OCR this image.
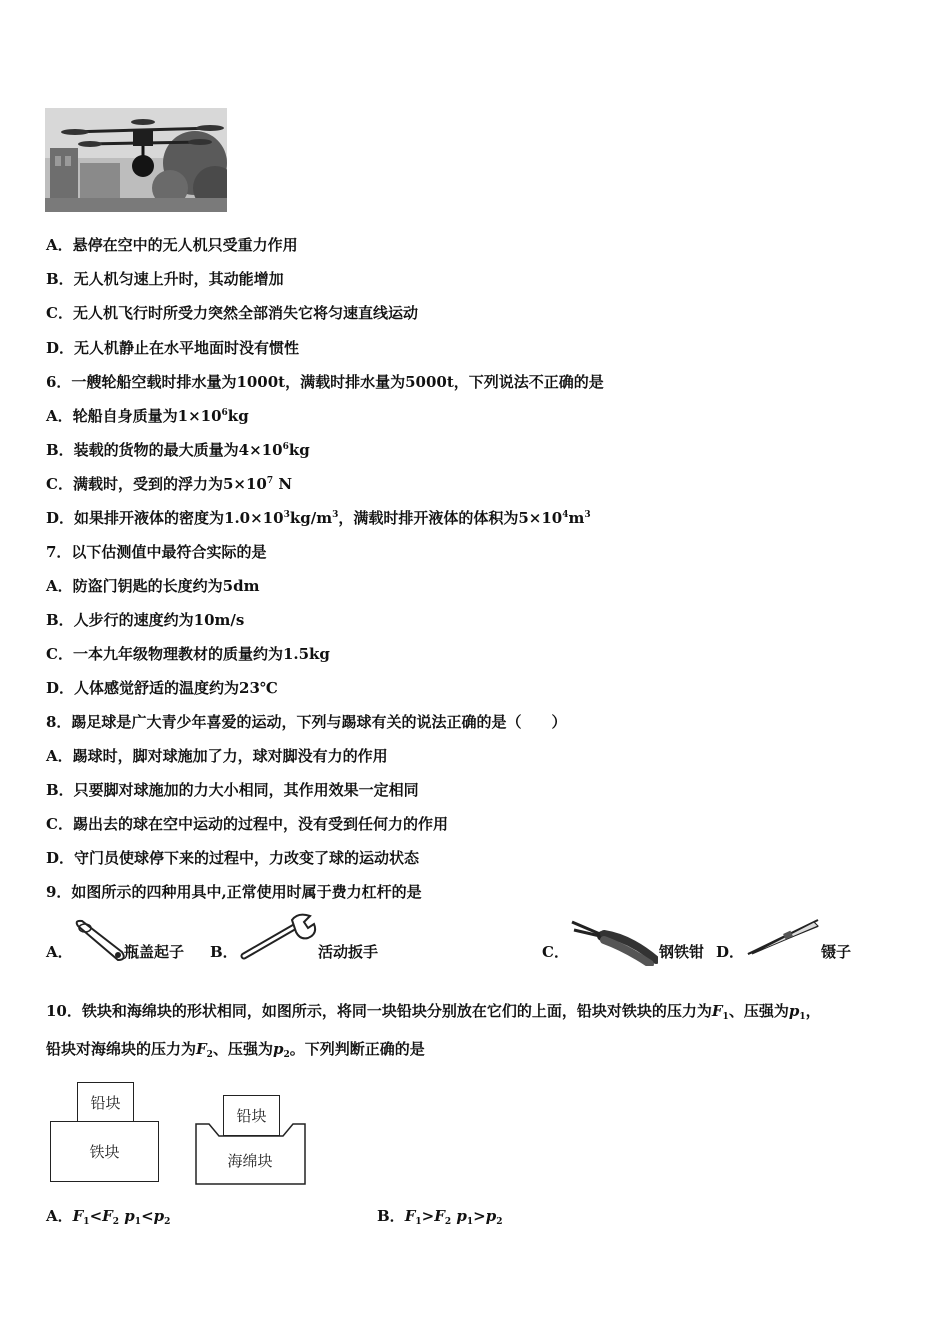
A．悬停在空中的无人机只受重力作用
B．无人机匀速上升时，其动能增加
C．无人机飞行时所受力突然全部消失它将匀速直线运动
D．无人机静止在水平地面时没有惯性
6．一艘轮船空载时排水量为1000t，满载时排水量为5000t，下列说法不正确的是
A．轮船自身质量为$1\times 10^6kg$
B．装载的货物的最大质量为$4\times 10^6kg$
C．满载时，受到的浮力为$5\times 10^7$ N
D．如果排开液体的密度为$1.0\times 10^3kg/m^3$，满载时排开液体的体积为$5\times 10^4m^3$
7．以下估测值中最符合实际的是
A．防盗门钥匙的长度约为5dm
B．人步行的速度约为10m/s
C．一本九年级物理教材的质量约为1.5kg
D．人体感觉舒适的温度约为23℃
8．踢足球是广大青少年喜爱的运动，下列与踢球有关的说法正确的是（　　）
A．踢球时，脚对球施加了力，球对脚没有力的作用
B．只要脚对球施加的力大小相同，其作用效果一定相同
C．踢出去的球在空中运动的过程中，没有受到任何力的作用
D．守门员使球停下来的过程中，力改变了球的运动状态
9．如图所示的四种用具中,正常使用时属于费力杠杆的是
A．	瓶盖起子 B．	活动扳手	C．	钢铁钳 D．	镊子
10．铁块和海绵块的形状相同，如图所示，将同一块铅块分别放在它们的上面，铅块对铁块的压力为$F_1$、压强为$p_1$，
铅块对海绵块的压力为$F_2$、压强为$p_2$。下列判断正确的是
铅块
铁块
铅块
海绵块
A．$F_1<F_2$ $p_1<p_2$	B．$F_1>F_2$ $p_1>p_2$
